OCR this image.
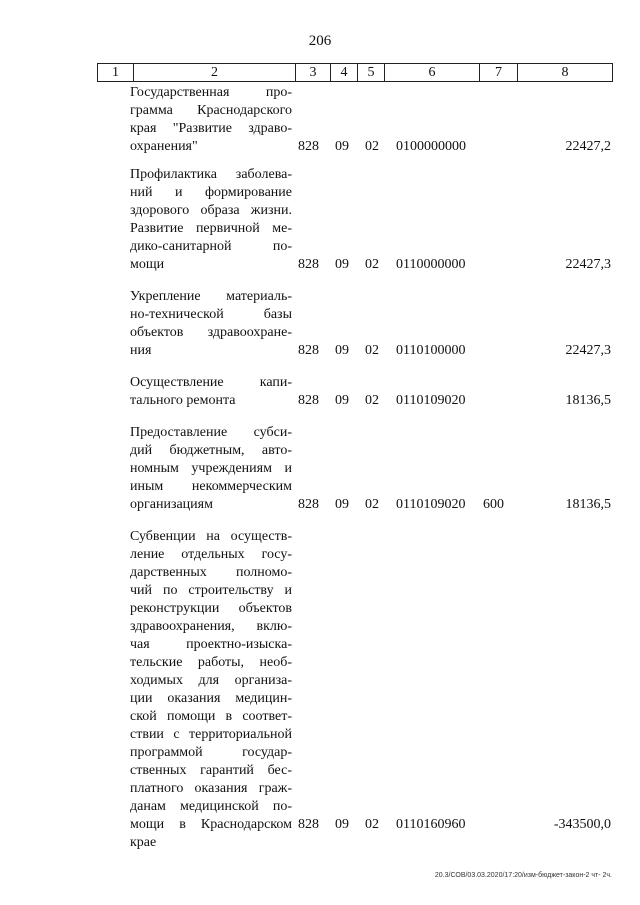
206
1	2	3	4	5	6	7	8
Государственная про-
грамма Краснодарского
края "Развитие здраво-
охранения"	828 09 02 0100000000	22427,2
Профилактика заболева-
ний и формирование
здорового образа жизни.
Развитие первичной ме-
дико-санитарной по-
мощи	828 09 02 0110000000	22427,3
Укрепление материаль-
но-технической базы
объектов здравоохране-
ния	828 09 02 0110100000	22427,3
Осуществление капи-
тального ремонта	828 09 02 0110109020	18136,5
Предоставление субси-
дий бюджетным, авто-
номным учреждениям и
иным некоммерческим
организациям	828 09 02 0110109020 600	18136,5
Субвенции на осуществ-
ление отдельных госу-
дарственных полномо-
чий по строительству и
реконструкции объектов
здравоохранения, вклю-
чая проектно-изыска-
тельские работы, необ-
ходимых для организа-
ции оказания медицин-
ской помощи в соответ-
ствии с территориальной
программой государ-
ственных гарантий бес-
платного оказания граж-
данам медицинской по-
мощи в Краснодарском
крае
828 09 02 0110160960	-343500,0
20.3/СОВ/03.03.2020/17:20/изм-бюджет-закон-2 чт- 2ч.
